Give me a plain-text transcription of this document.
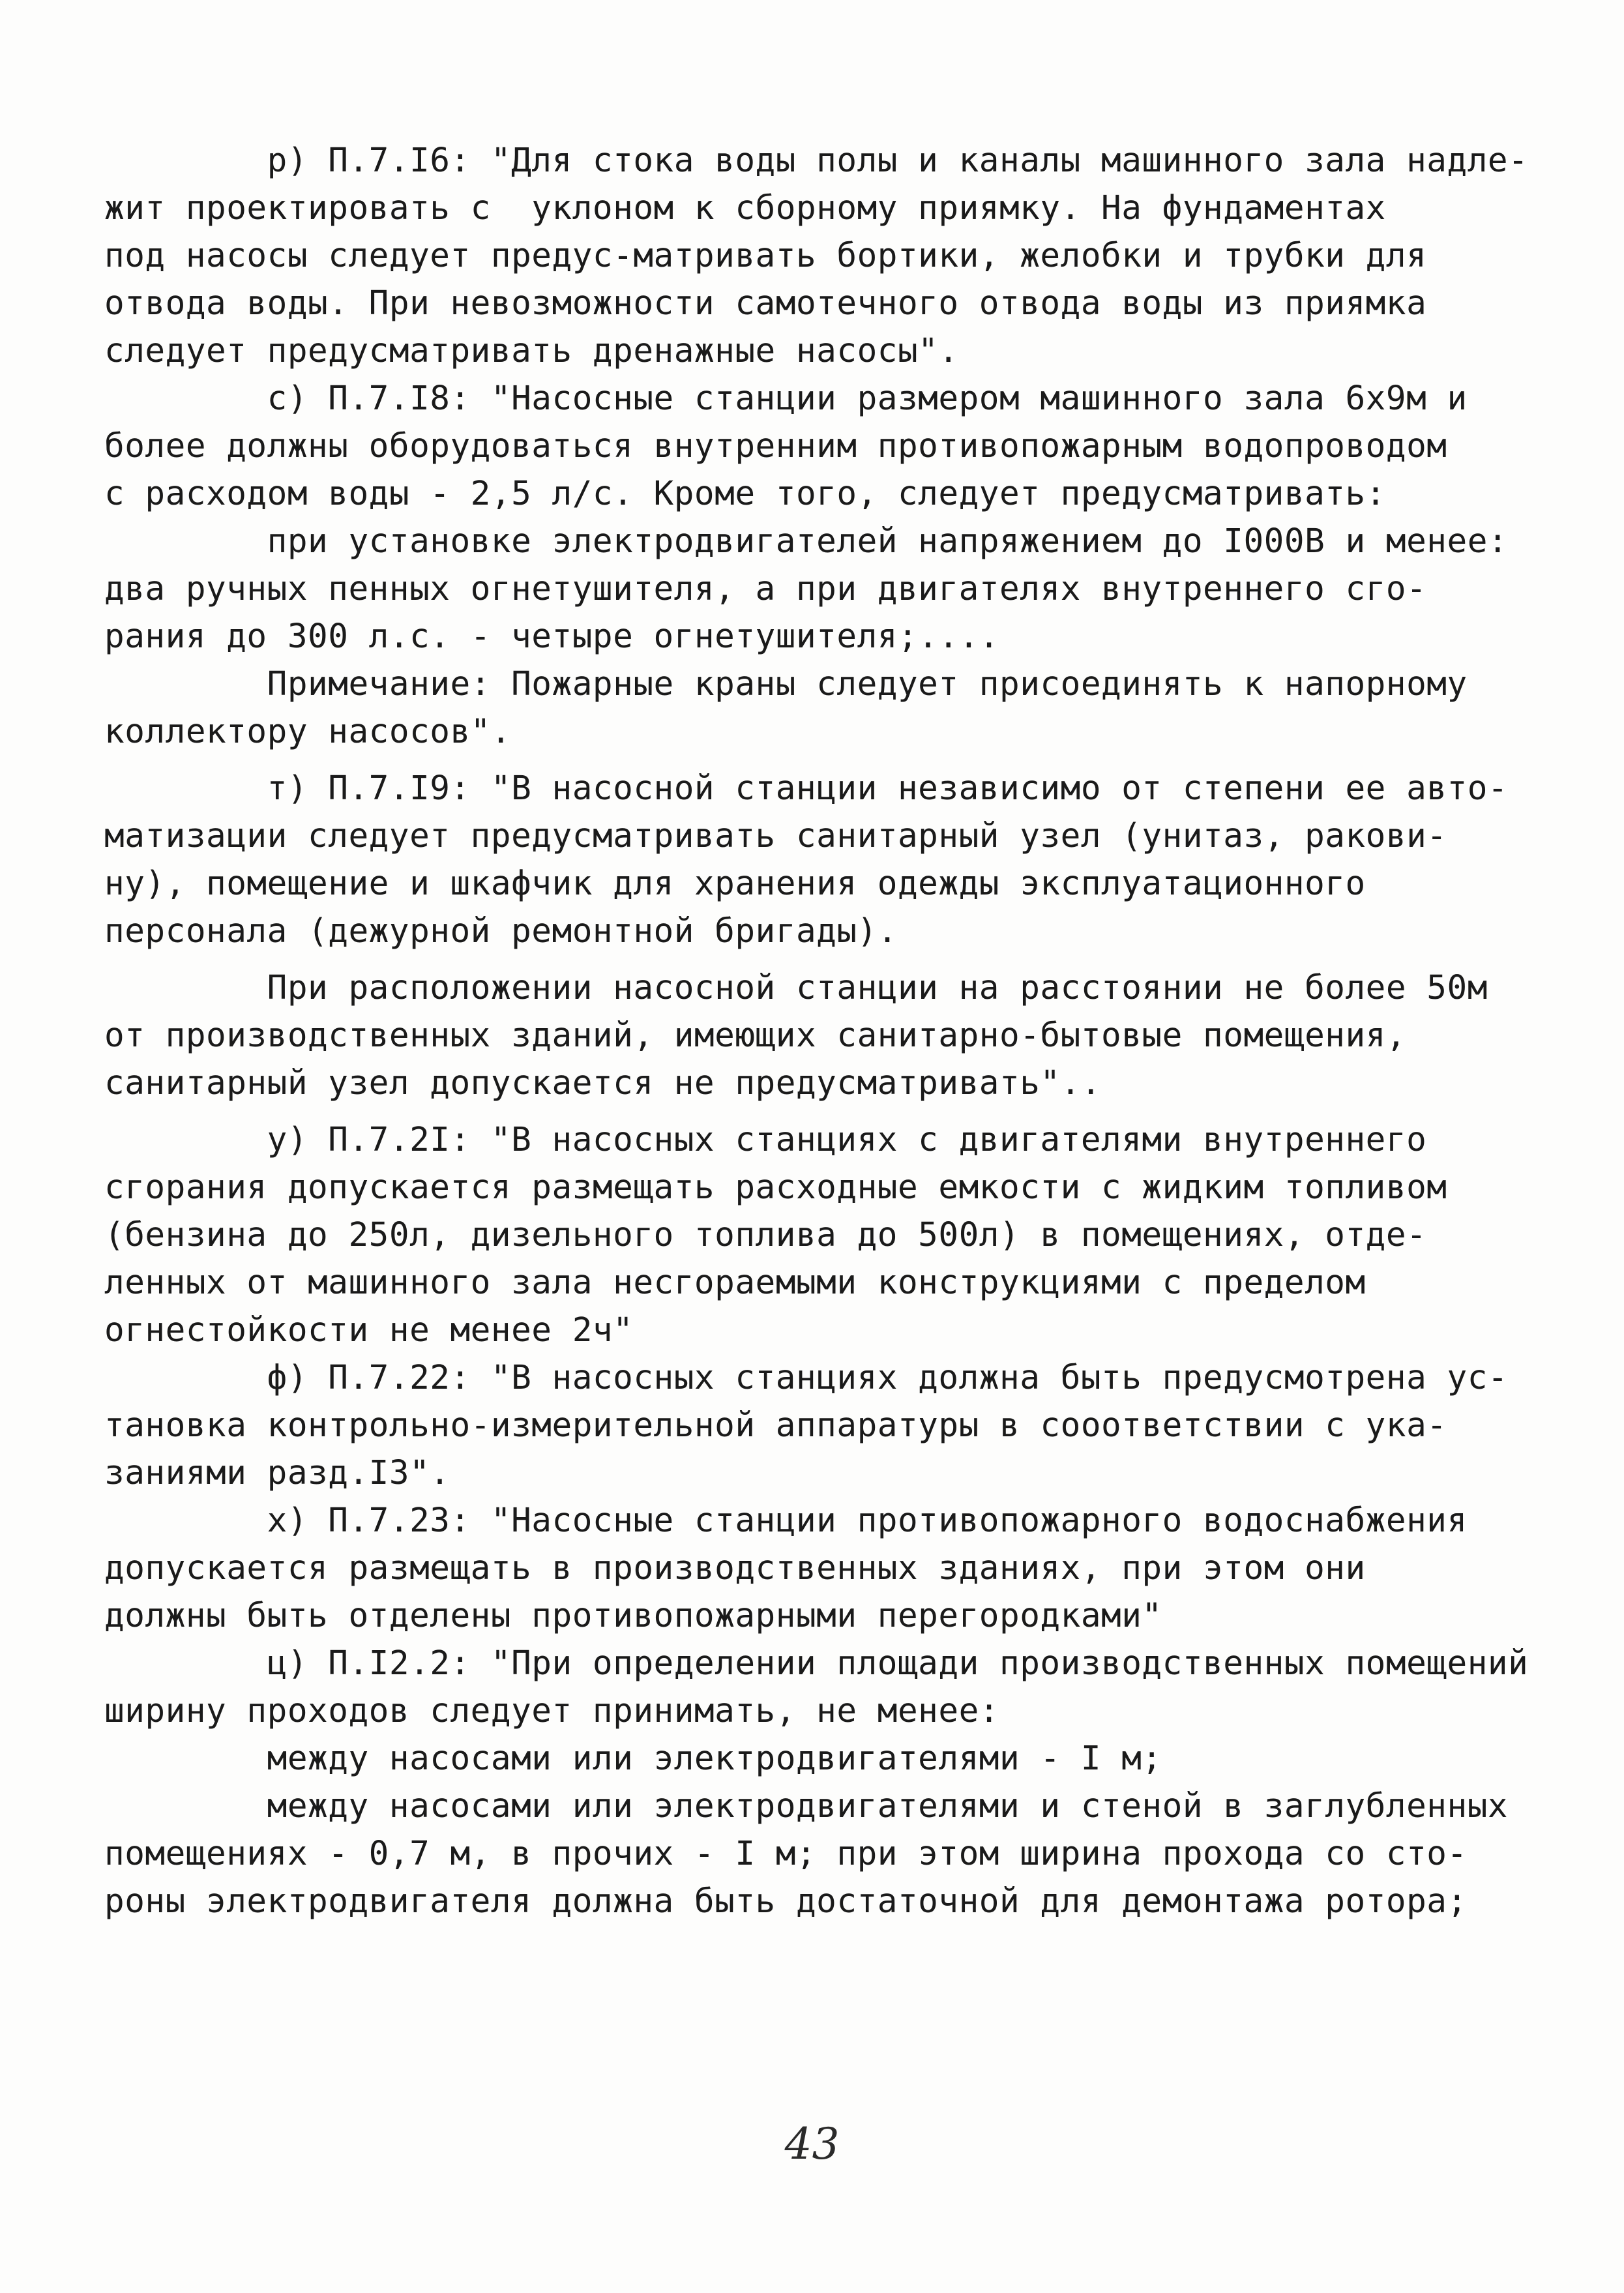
р) П.7.I6: "Для стока воды полы и каналы машинного зала надле-
жит проектировать с  уклоном к сборному приямку. На фундаментах
под насосы следует предус-матривать бортики, желобки и трубки для
отвода воды. При невозможности самотечного отвода воды из приямка
следует предусматривать дренажные насосы".
с) П.7.I8: "Насосные станции размером машинного зала 6x9м и
более должны оборудоваться внутренним противопожарным водопроводом
с расходом воды - 2,5 л/с. Кроме того, следует предусматривать:
при установке электродвигателей напряжением до I000В и менее:
два ручных пенных огнетушителя, а при двигателях внутреннего сго-
рания до 300 л.с. - четыре огнетушителя;....
Примечание: Пожарные краны следует присоединять к напорному
коллектору насосов".
т) П.7.I9: "В насосной станции независимо от степени ее авто-
матизации следует предусматривать санитарный узел (унитаз, ракови-
ну), помещение и шкафчик для хранения одежды эксплуатационного
персонала (дежурной ремонтной бригады).
При расположении насосной станции на расстоянии не более 50м
от производственных зданий, имеющих санитарно-бытовые помещения,
санитарный узел допускается не предусматривать"..
у) П.7.2I: "В насосных станциях с двигателями внутреннего
сгорания допускается размещать расходные емкости с жидким топливом
(бензина до 250л, дизельного топлива до 500л) в помещениях, отде-
ленных от машинного зала несгораемыми конструкциями с пределом
огнестойкости не менее 2ч"
ф) П.7.22: "В насосных станциях должна быть предусмотрена ус-
тановка контрольно-измерительной аппаратуры в сооответствии с ука-
заниями разд.I3".
х) П.7.23: "Насосные станции противопожарного водоснабжения
допускается размещать в производственных зданиях, при этом они
должны быть отделены противопожарными перегородками"
ц) П.I2.2: "При определении площади производственных помещений
ширину проходов следует принимать, не менее:
между насосами или электродвигателями - I м;
между насосами или электродвигателями и стеной в заглубленных
помещениях - 0,7 м, в прочих - I м; при этом ширина прохода со сто-
роны электродвигателя должна быть достаточной для демонтажа ротора;
43
